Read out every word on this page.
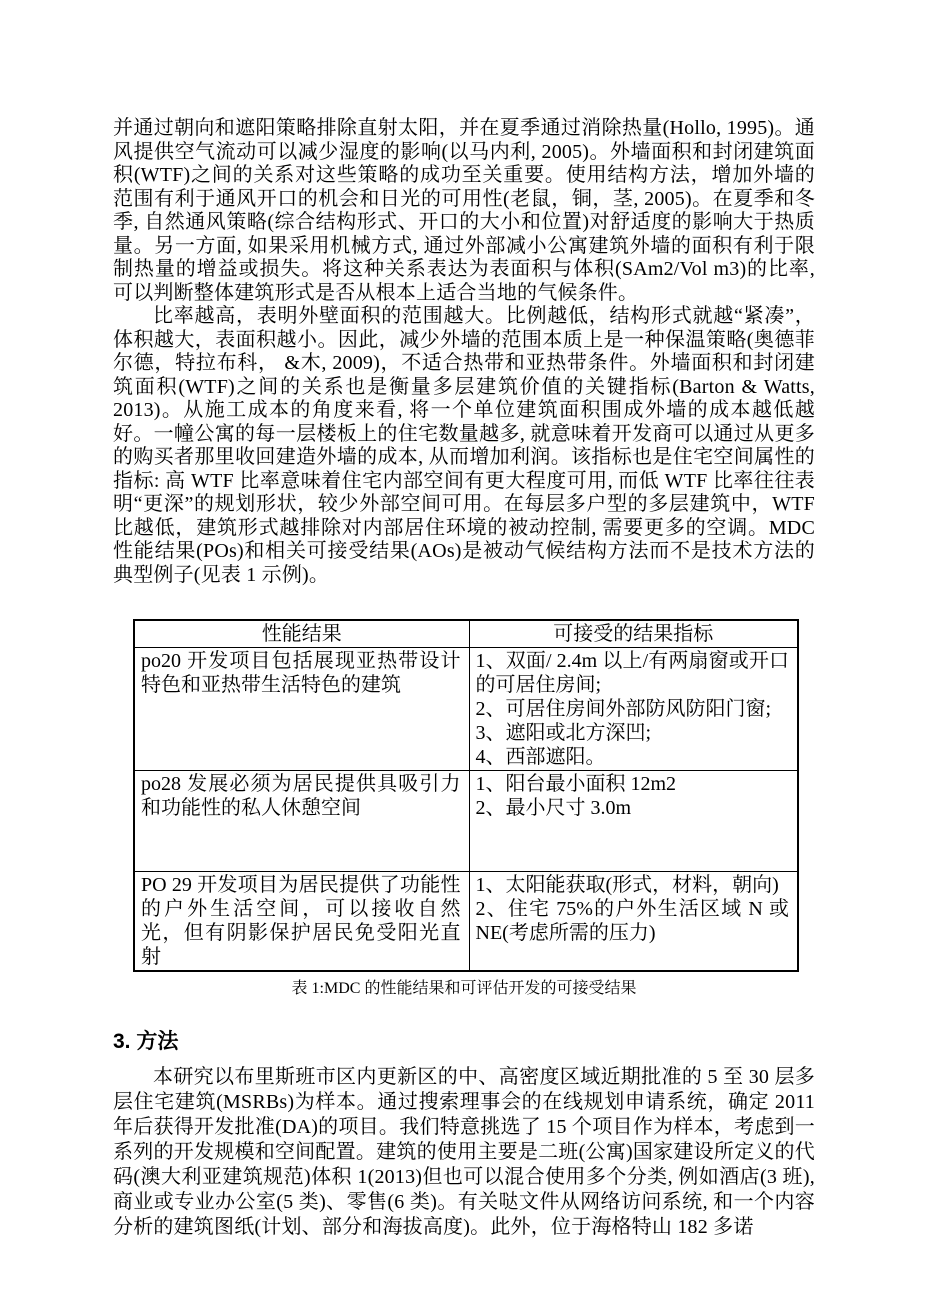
并通过朝向和遮阳策略排除直射太阳，并在夏季通过消除热量(Hollo, 1995)。通风提供空气流动可以减少湿度的影响(以马内利, 2005)。外墙面积和封闭建筑面积(WTF)之间的关系对这些策略的成功至关重要。使用结构方法，增加外墙的范围有利于通风开口的机会和日光的可用性(老鼠，铜，茎, 2005)。在夏季和冬季, 自然通风策略(综合结构形式、开口的大小和位置)对舒适度的影响大于热质量。另一方面, 如果采用机械方式, 通过外部减小公寓建筑外墙的面积有利于限制热量的增益或损失。将这种关系表达为表面积与体积(SAm2/Vol m3)的比率, 可以判断整体建筑形式是否从根本上适合当地的气候条件。

比率越高，表明外壁面积的范围越大。比例越低，结构形式就越“紧凑”，体积越大，表面积越小。因此，减少外墙的范围本质上是一种保温策略(奥德菲尔德，特拉布科， &木, 2009)，不适合热带和亚热带条件。外墙面积和封闭建筑面积(WTF)之间的关系也是衡量多层建筑价值的关键指标(Barton & Watts, 2013)。从施工成本的角度来看, 将一个单位建筑面积围成外墙的成本越低越好。一幢公寓的每一层楼板上的住宅数量越多, 就意味着开发商可以通过从更多的购买者那里收回建造外墙的成本, 从而增加利润。该指标也是住宅空间属性的指标: 高 WTF 比率意味着住宅内部空间有更大程度可用, 而低 WTF 比率往往表明“更深”的规划形状，较少外部空间可用。在每层多户型的多层建筑中，WTF 比越低，建筑形式越排除对内部居住环境的被动控制, 需要更多的空调。MDC 性能结果(POs)和相关可接受结果(AOs)是被动气候结构方法而不是技术方法的典型例子(见表 1 示例)。

性能结果	可接受的结果指标
po20 开发项目包括展现亚热带设计特色和亚热带生活特色的建筑	1、双面/ 2.4m 以上/有两扇窗或开口的可居住房间;
2、可居住房间外部防风防阳门窗;
3、遮阳或北方深凹;
4、西部遮阳。

po28 发展必须为居民提供具吸引力和功能性的私人休憩空间	1、阳台最小面积 12m2
2、最小尺寸 3.0m

PO 29 开发项目为居民提供了功能性的户外生活空间，可以接收自然光，但有阴影保护居民免受阳光直射	1、太阳能获取(形式，材料，朝向)
2、住宅 75%的户外生活区域 N 或 NE(考虑所需的压力)
表 1:MDC 的性能结果和可评估开发的可接受结果
3. 方法

本研究以布里斯班市区内更新区的中、高密度区域近期批准的 5 至 30 层多层住宅建筑(MSRBs)为样本。通过搜索理事会的在线规划申请系统，确定 2011 年后获得开发批准(DA)的项目。我们特意挑选了 15 个项目作为样本，考虑到一系列的开发规模和空间配置。建筑的使用主要是二班(公寓)国家建设所定义的代码(澳大利亚建筑规范)体积 1(2013)但也可以混合使用多个分类, 例如酒店(3 班), 商业或专业办公室(5 类)、零售(6 类)。有关哒文件从网络访问系统, 和一个内容分析的建筑图纸(计划、部分和海拔高度)。此外，位于海格特山 182 多诺
